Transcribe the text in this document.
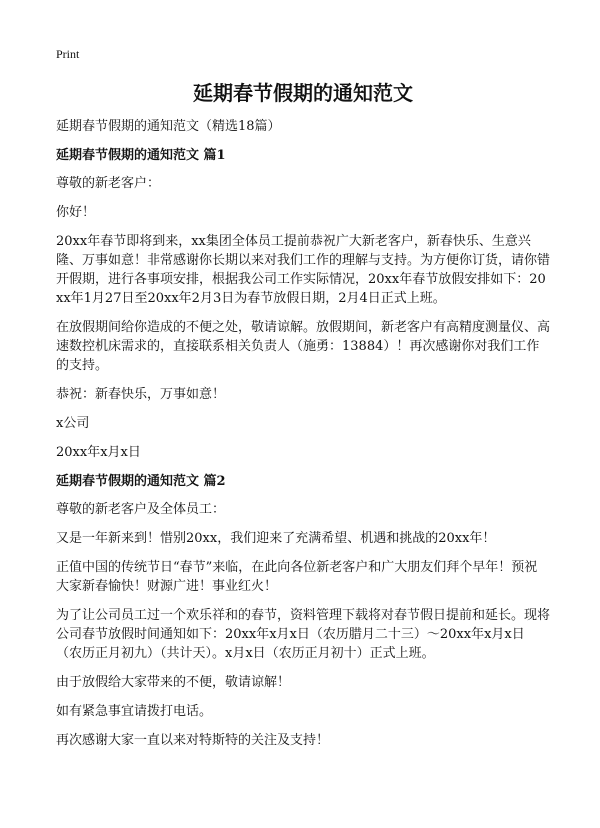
Print
延期春节假期的通知范文
延期春节假期的通知范文（精选18篇）
延期春节假期的通知范文 篇1

尊敬的新老客户：

你好！

20xx年春节即将到来，xx集团全体员工提前恭祝广大新老客户，新春快乐、生意兴隆、万事如意！非常感谢你长期以来对我们工作的理解与支持。为方便你订货，请你错开假期，进行各事项安排，根据我公司工作实际情况，20xx年春节放假安排如下：20xx年1月27日至20xx年2月3日为春节放假日期，2月4日正式上班。

在放假期间给你造成的不便之处，敬请谅解。放假期间，新老客户有高精度测量仪、高速数控机床需求的，直接联系相关负责人（施勇：13884）！再次感谢你对我们工作的支持。

恭祝：新春快乐，万事如意！

x公司

20xx年x月x日

延期春节假期的通知范文 篇2

尊敬的新老客户及全体员工：

又是一年新来到！惜别20xx，我们迎来了充满希望、机遇和挑战的20xx年！

正值中国的传统节日“春节”来临，在此向各位新老客户和广大朋友们拜个早年！预祝大家新春愉快！财源广进！事业红火！

为了让公司员工过一个欢乐祥和的春节，资料管理下载将对春节假日提前和延长。现将公司春节放假时间通知如下：20xx年x月x日（农历腊月二十三）～20xx年x月x日（农历正月初九）（共计天）。x月x日（农历正月初十）正式上班。

由于放假给大家带来的不便，敬请谅解！

如有紧急事宜请拨打电话。

再次感谢大家一直以来对特斯特的关注及支持！
